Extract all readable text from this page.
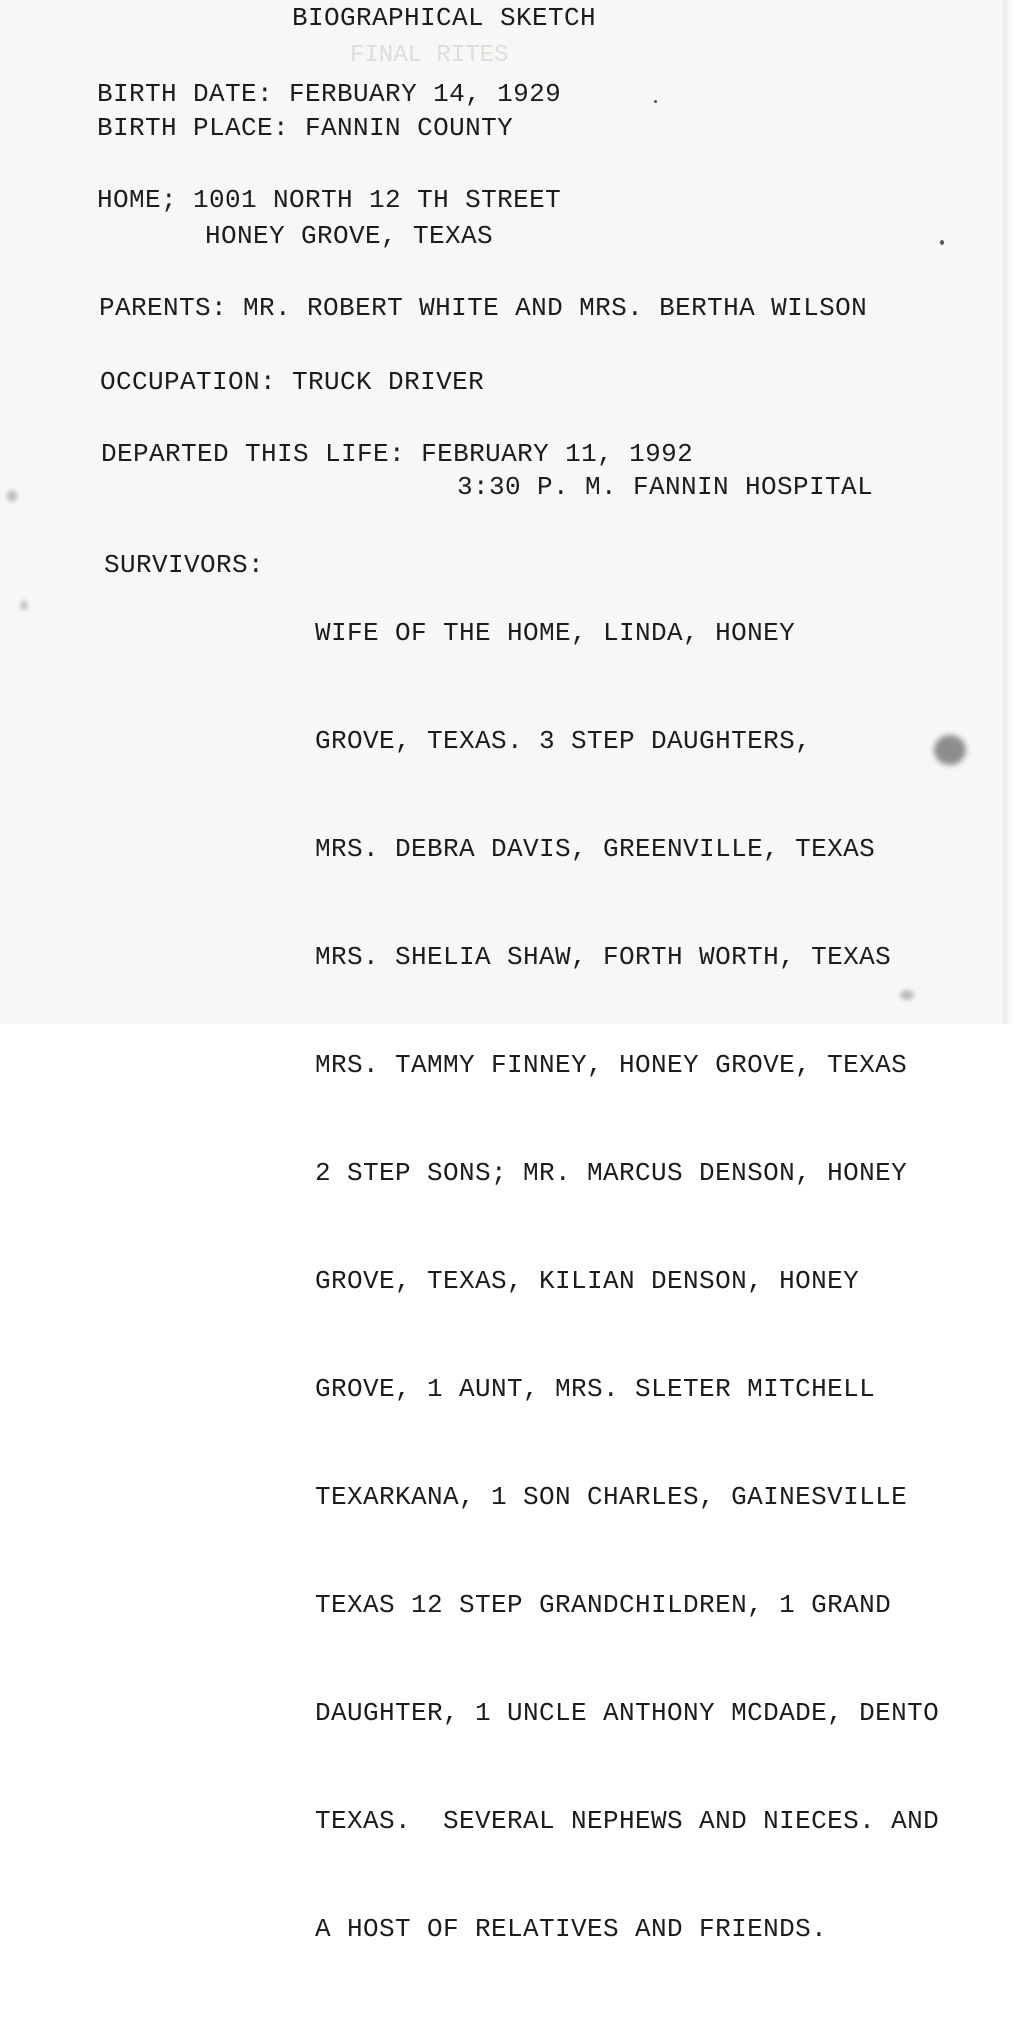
FINAL RITES
BIOGRAPHICAL SKETCH
BIRTH DATE: FERBUARY 14, 1929
BIRTH PLACE: FANNIN COUNTY
HOME; 1001 NORTH 12 TH STREET
HONEY GROVE, TEXAS
PARENTS: MR. ROBERT WHITE AND MRS. BERTHA WILSON
OCCUPATION: TRUCK DRIVER
DEPARTED THIS LIFE: FEBRUARY 11, 1992
3:30 P. M. FANNIN HOSPITAL
SURVIVORS:

WIFE OF THE HOME, LINDA, HONEY

GROVE, TEXAS. 3 STEP DAUGHTERS,

MRS. DEBRA DAVIS, GREENVILLE, TEXAS

MRS. SHELIA SHAW, FORTH WORTH, TEXAS

MRS. TAMMY FINNEY, HONEY GROVE, TEXAS

2 STEP SONS; MR. MARCUS DENSON, HONEY

GROVE, TEXAS, KILIAN DENSON, HONEY

GROVE, 1 AUNT, MRS. SLETER MITCHELL

TEXARKANA, 1 SON CHARLES, GAINESVILLE

TEXAS 12 STEP GRANDCHILDREN, 1 GRAND

DAUGHTER, 1 UNCLE ANTHONY MCDADE, DENTO

TEXAS.  SEVERAL NEPHEWS AND NIECES. AND

A HOST OF RELATIVES AND FRIENDS.
